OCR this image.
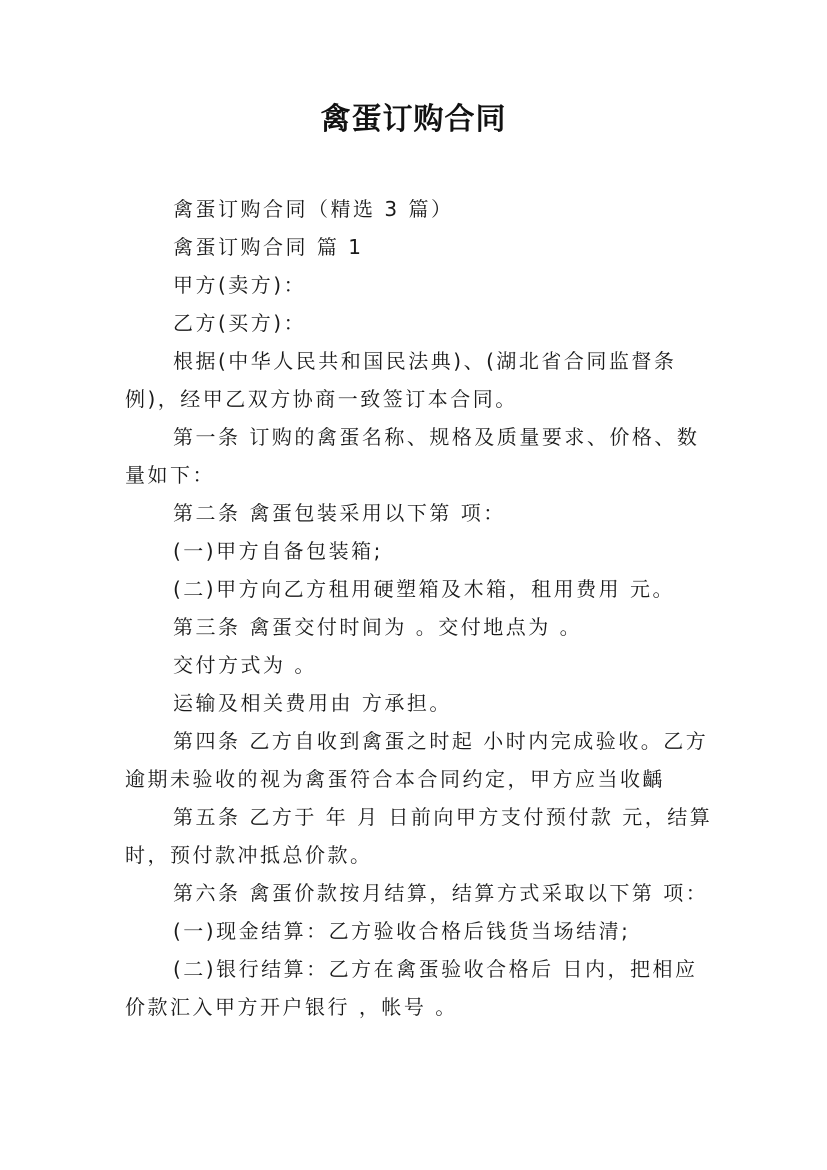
禽蛋订购合同

禽蛋订购合同（精选 3 篇）

禽蛋订购合同 篇 1

甲方(卖方)：

乙方(买方)：

根据(中华人民共和国民法典)、(湖北省合同监督条例)，经甲乙双方协商一致签订本合同。

第一条 订购的禽蛋名称、规格及质量要求、价格、数量如下：

第二条 禽蛋包装采用以下第 项：

(一)甲方自备包装箱;

(二)甲方向乙方租用硬塑箱及木箱，租用费用 元。

第三条 禽蛋交付时间为 。交付地点为 。

交付方式为 。

运输及相关费用由 方承担。

第四条 乙方自收到禽蛋之时起 小时内完成验收。乙方逾期未验收的视为禽蛋符合本合同约定，甲方应当收齲

第五条 乙方于 年 月 日前向甲方支付预付款 元，结算时，预付款冲抵总价款。

第六条 禽蛋价款按月结算，结算方式采取以下第 项：

(一)现金结算：乙方验收合格后钱货当场结清;

(二)银行结算：乙方在禽蛋验收合格后 日内，把相应价款汇入甲方开户银行 ，帐号 。
